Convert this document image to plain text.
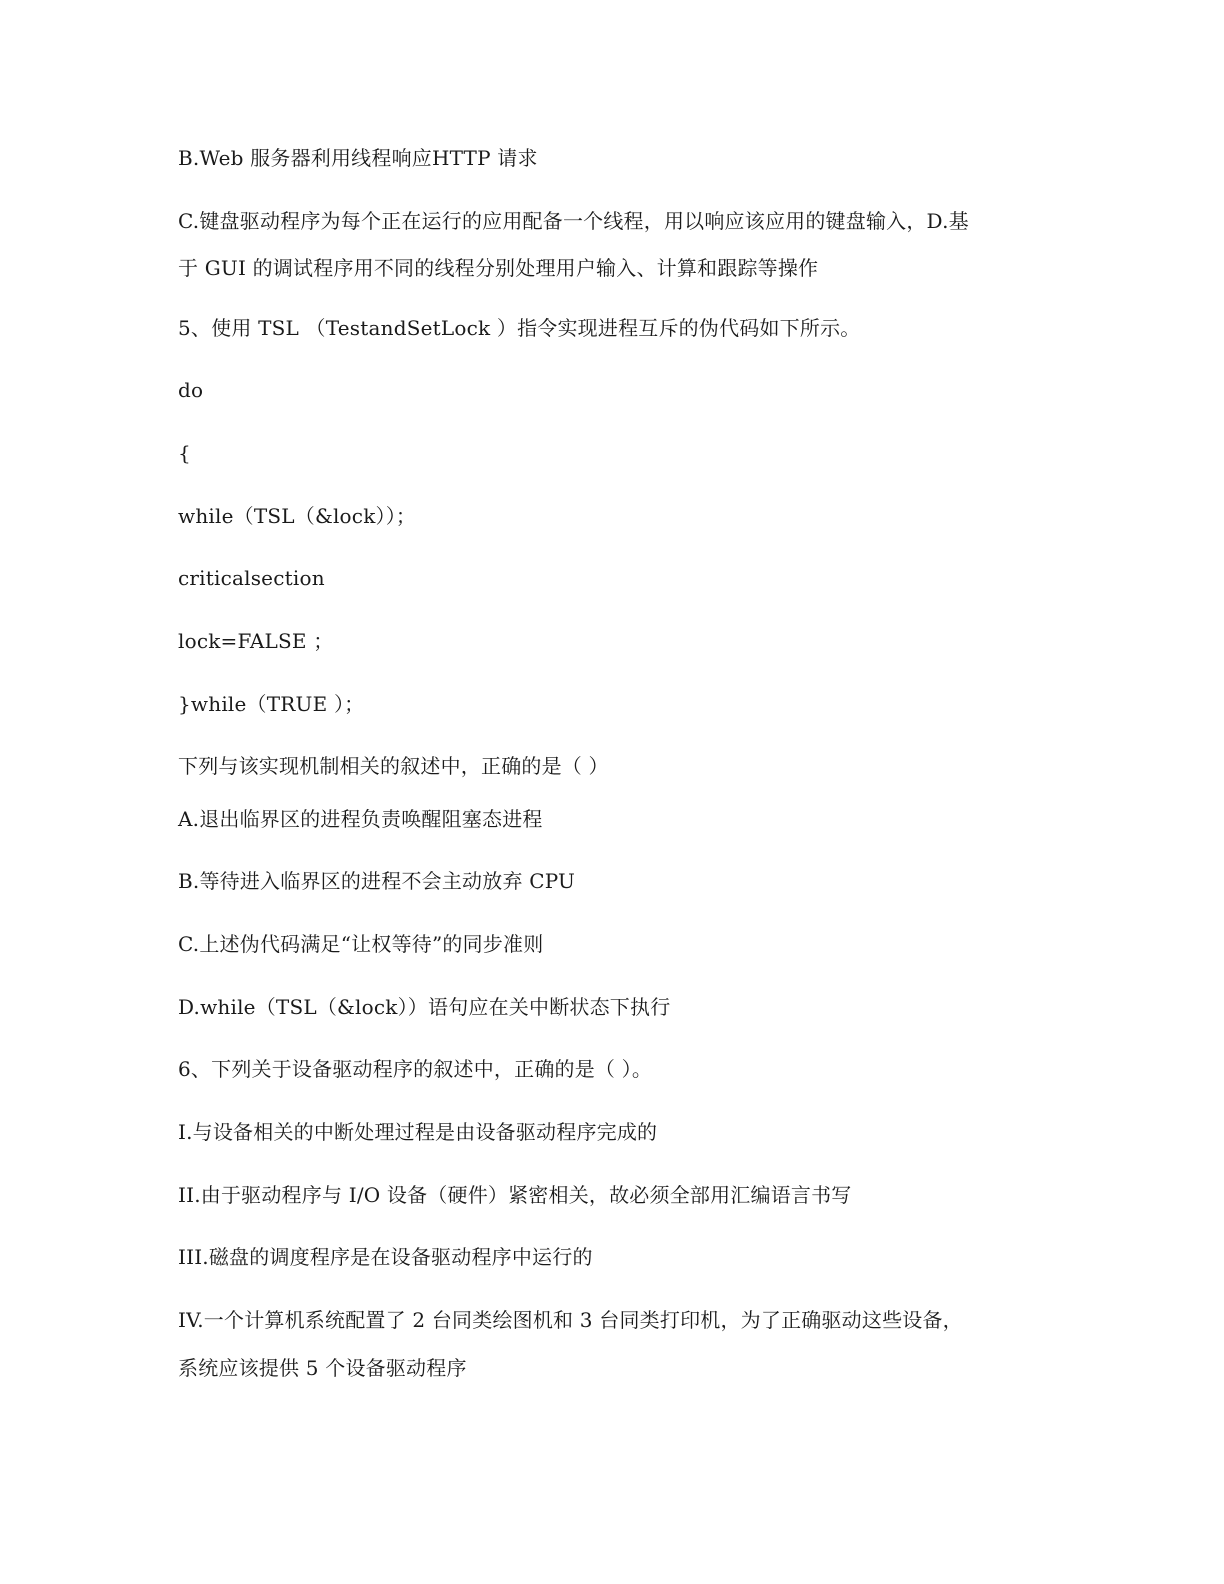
B.Web 服务器利用线程响应HTTP 请求
C.键盘驱动程序为每个正在运行的应用配备一个线程，用以响应该应用的键盘输入，D.基
于 GUI 的调试程序用不同的线程分别处理用户输入、计算和跟踪等操作
5、使用 TSL （TestandSetLock ）指令实现进程互斥的伪代码如下所示。
do
{
while（TSL（&lock））；
criticalsection
lock=FALSE ；
}while（TRUE ）；
下列与该实现机制相关的叙述中，正确的是（ ）
A.退出临界区的进程负责唤醒阻塞态进程
B.等待进入临界区的进程不会主动放弃 CPU
C.上述伪代码满足“让权等待”的同步准则
D.while（TSL（&lock））语句应在关中断状态下执行
6、下列关于设备驱动程序的叙述中，正确的是（ ）。
I.与设备相关的中断处理过程是由设备驱动程序完成的
II.由于驱动程序与 I/O 设备（硬件）紧密相关，故必须全部用汇编语言书写
III.磁盘的调度程序是在设备驱动程序中运行的
IV.一个计算机系统配置了 2 台同类绘图机和 3 台同类打印机，为了正确驱动这些设备，
系统应该提供 5 个设备驱动程序
